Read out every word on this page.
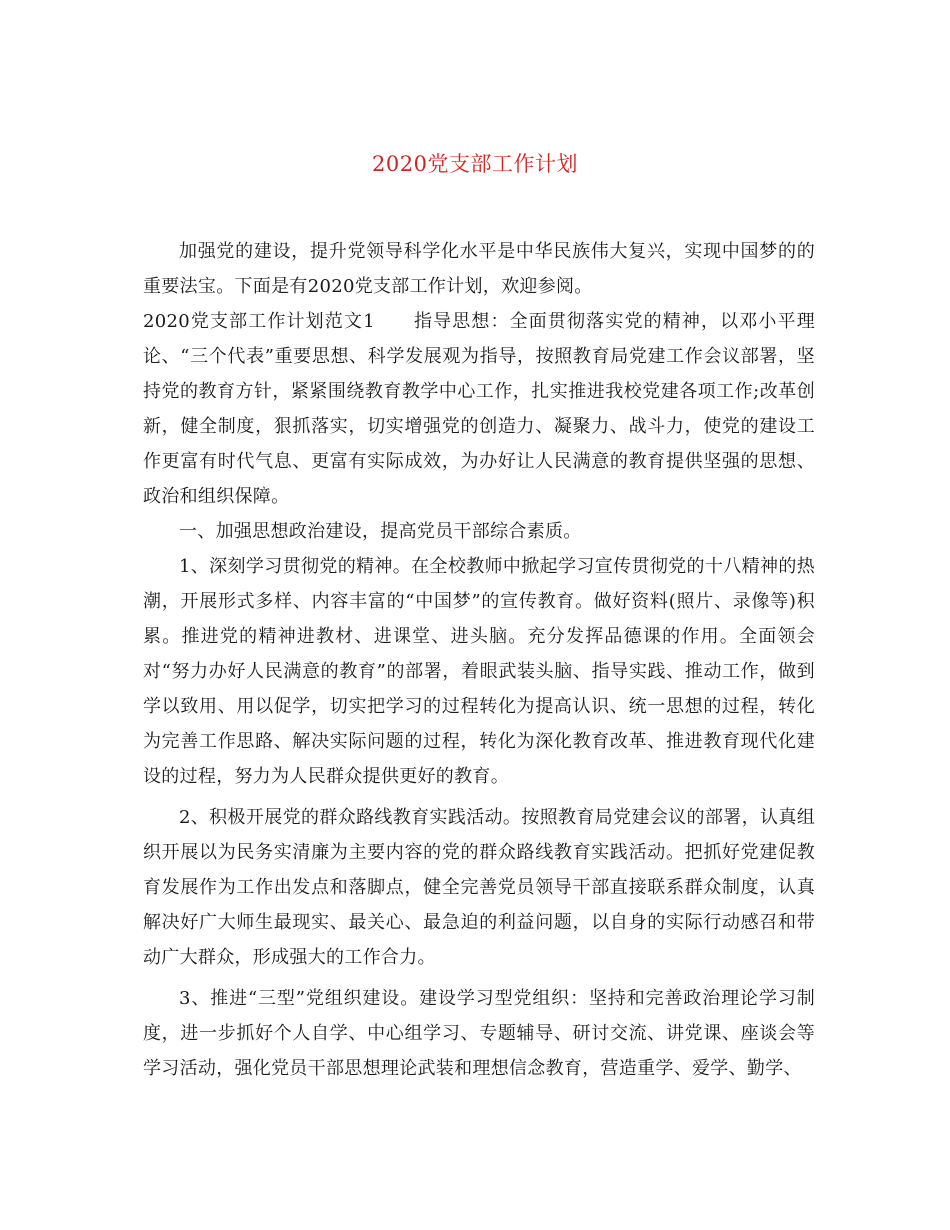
2020党支部工作计划

加强党的建设，提升党领导科学化水平是中华民族伟大复兴，实现中国梦的的重要法宝。下面是有2020党支部工作计划，欢迎参阅。

2020党支部工作计划范文1　　指导思想：全面贯彻落实党的精神，以邓小平理论、“三个代表”重要思想、科学发展观为指导，按照教育局党建工作会议部署，坚持党的教育方针，紧紧围绕教育教学中心工作，扎实推进我校党建各项工作;改革创新，健全制度，狠抓落实，切实增强党的创造力、凝聚力、战斗力，使党的建设工作更富有时代气息、更富有实际成效，为办好让人民满意的教育提供坚强的思想、政治和组织保障。

一、加强思想政治建设，提高党员干部综合素质。

1、深刻学习贯彻党的精神。在全校教师中掀起学习宣传贯彻党的十八精神的热潮，开展形式多样、内容丰富的“中国梦”的宣传教育。做好资料(照片、录像等)积累。推进党的精神进教材、进课堂、进头脑。充分发挥品德课的作用。全面领会对“努力办好人民满意的教育”的部署，着眼武装头脑、指导实践、推动工作，做到学以致用、用以促学，切实把学习的过程转化为提高认识、统一思想的过程，转化为完善工作思路、解决实际问题的过程，转化为深化教育改革、推进教育现代化建设的过程，努力为人民群众提供更好的教育。

2、积极开展党的群众路线教育实践活动。按照教育局党建会议的部署，认真组织开展以为民务实清廉为主要内容的党的群众路线教育实践活动。把抓好党建促教育发展作为工作出发点和落脚点，健全完善党员领导干部直接联系群众制度，认真解决好广大师生最现实、最关心、最急迫的利益问题，以自身的实际行动感召和带动广大群众，形成强大的工作合力。

3、推进“三型”党组织建设。建设学习型党组织：坚持和完善政治理论学习制度，进一步抓好个人自学、中心组学习、专题辅导、研讨交流、讲党课、座谈会等学习活动，强化党员干部思想理论武装和理想信念教育，营造重学、爱学、勤学、
